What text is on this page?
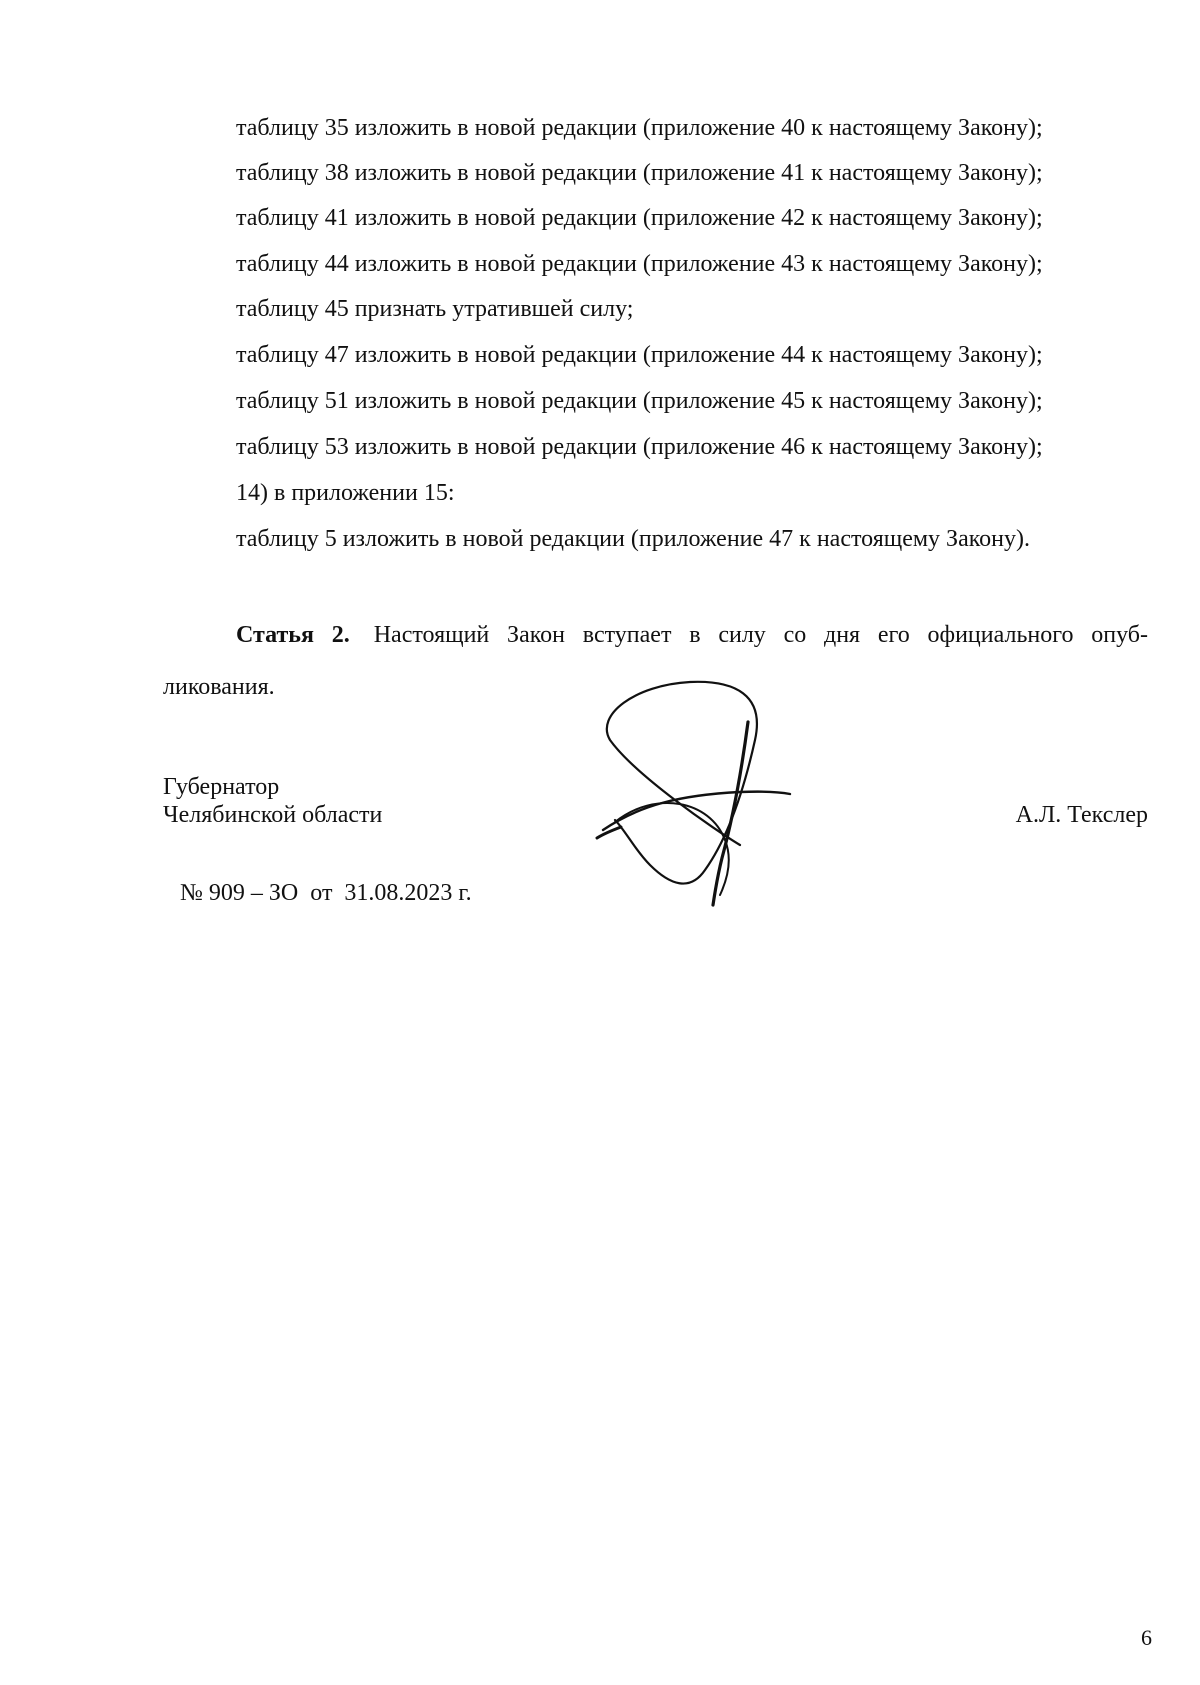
таблицу 35 изложить в новой редакции (приложение 40 к настоящему Закону);
таблицу 38 изложить в новой редакции (приложение 41 к настоящему Закону);
таблицу 41 изложить в новой редакции (приложение 42 к настоящему Закону);
таблицу 44 изложить в новой редакции (приложение 43 к настоящему Закону);
таблицу 45 признать утратившей силу;
таблицу 47 изложить в новой редакции (приложение 44 к настоящему Закону);
таблицу 51 изложить в новой редакции (приложение 45 к настоящему Закону);
таблицу 53 изложить в новой редакции (приложение 46 к настоящему Закону);
14) в приложении 15:
таблицу 5 изложить в новой редакции (приложение 47 к настоящему Закону).
Статья 2. Настоящий Закон вступает в силу со дня его официального опуб-
ликования.
Губернатор
Челябинской области	А.Л. Текслер
№ 909 – ЗО  от  31.08.2023 г.
6
